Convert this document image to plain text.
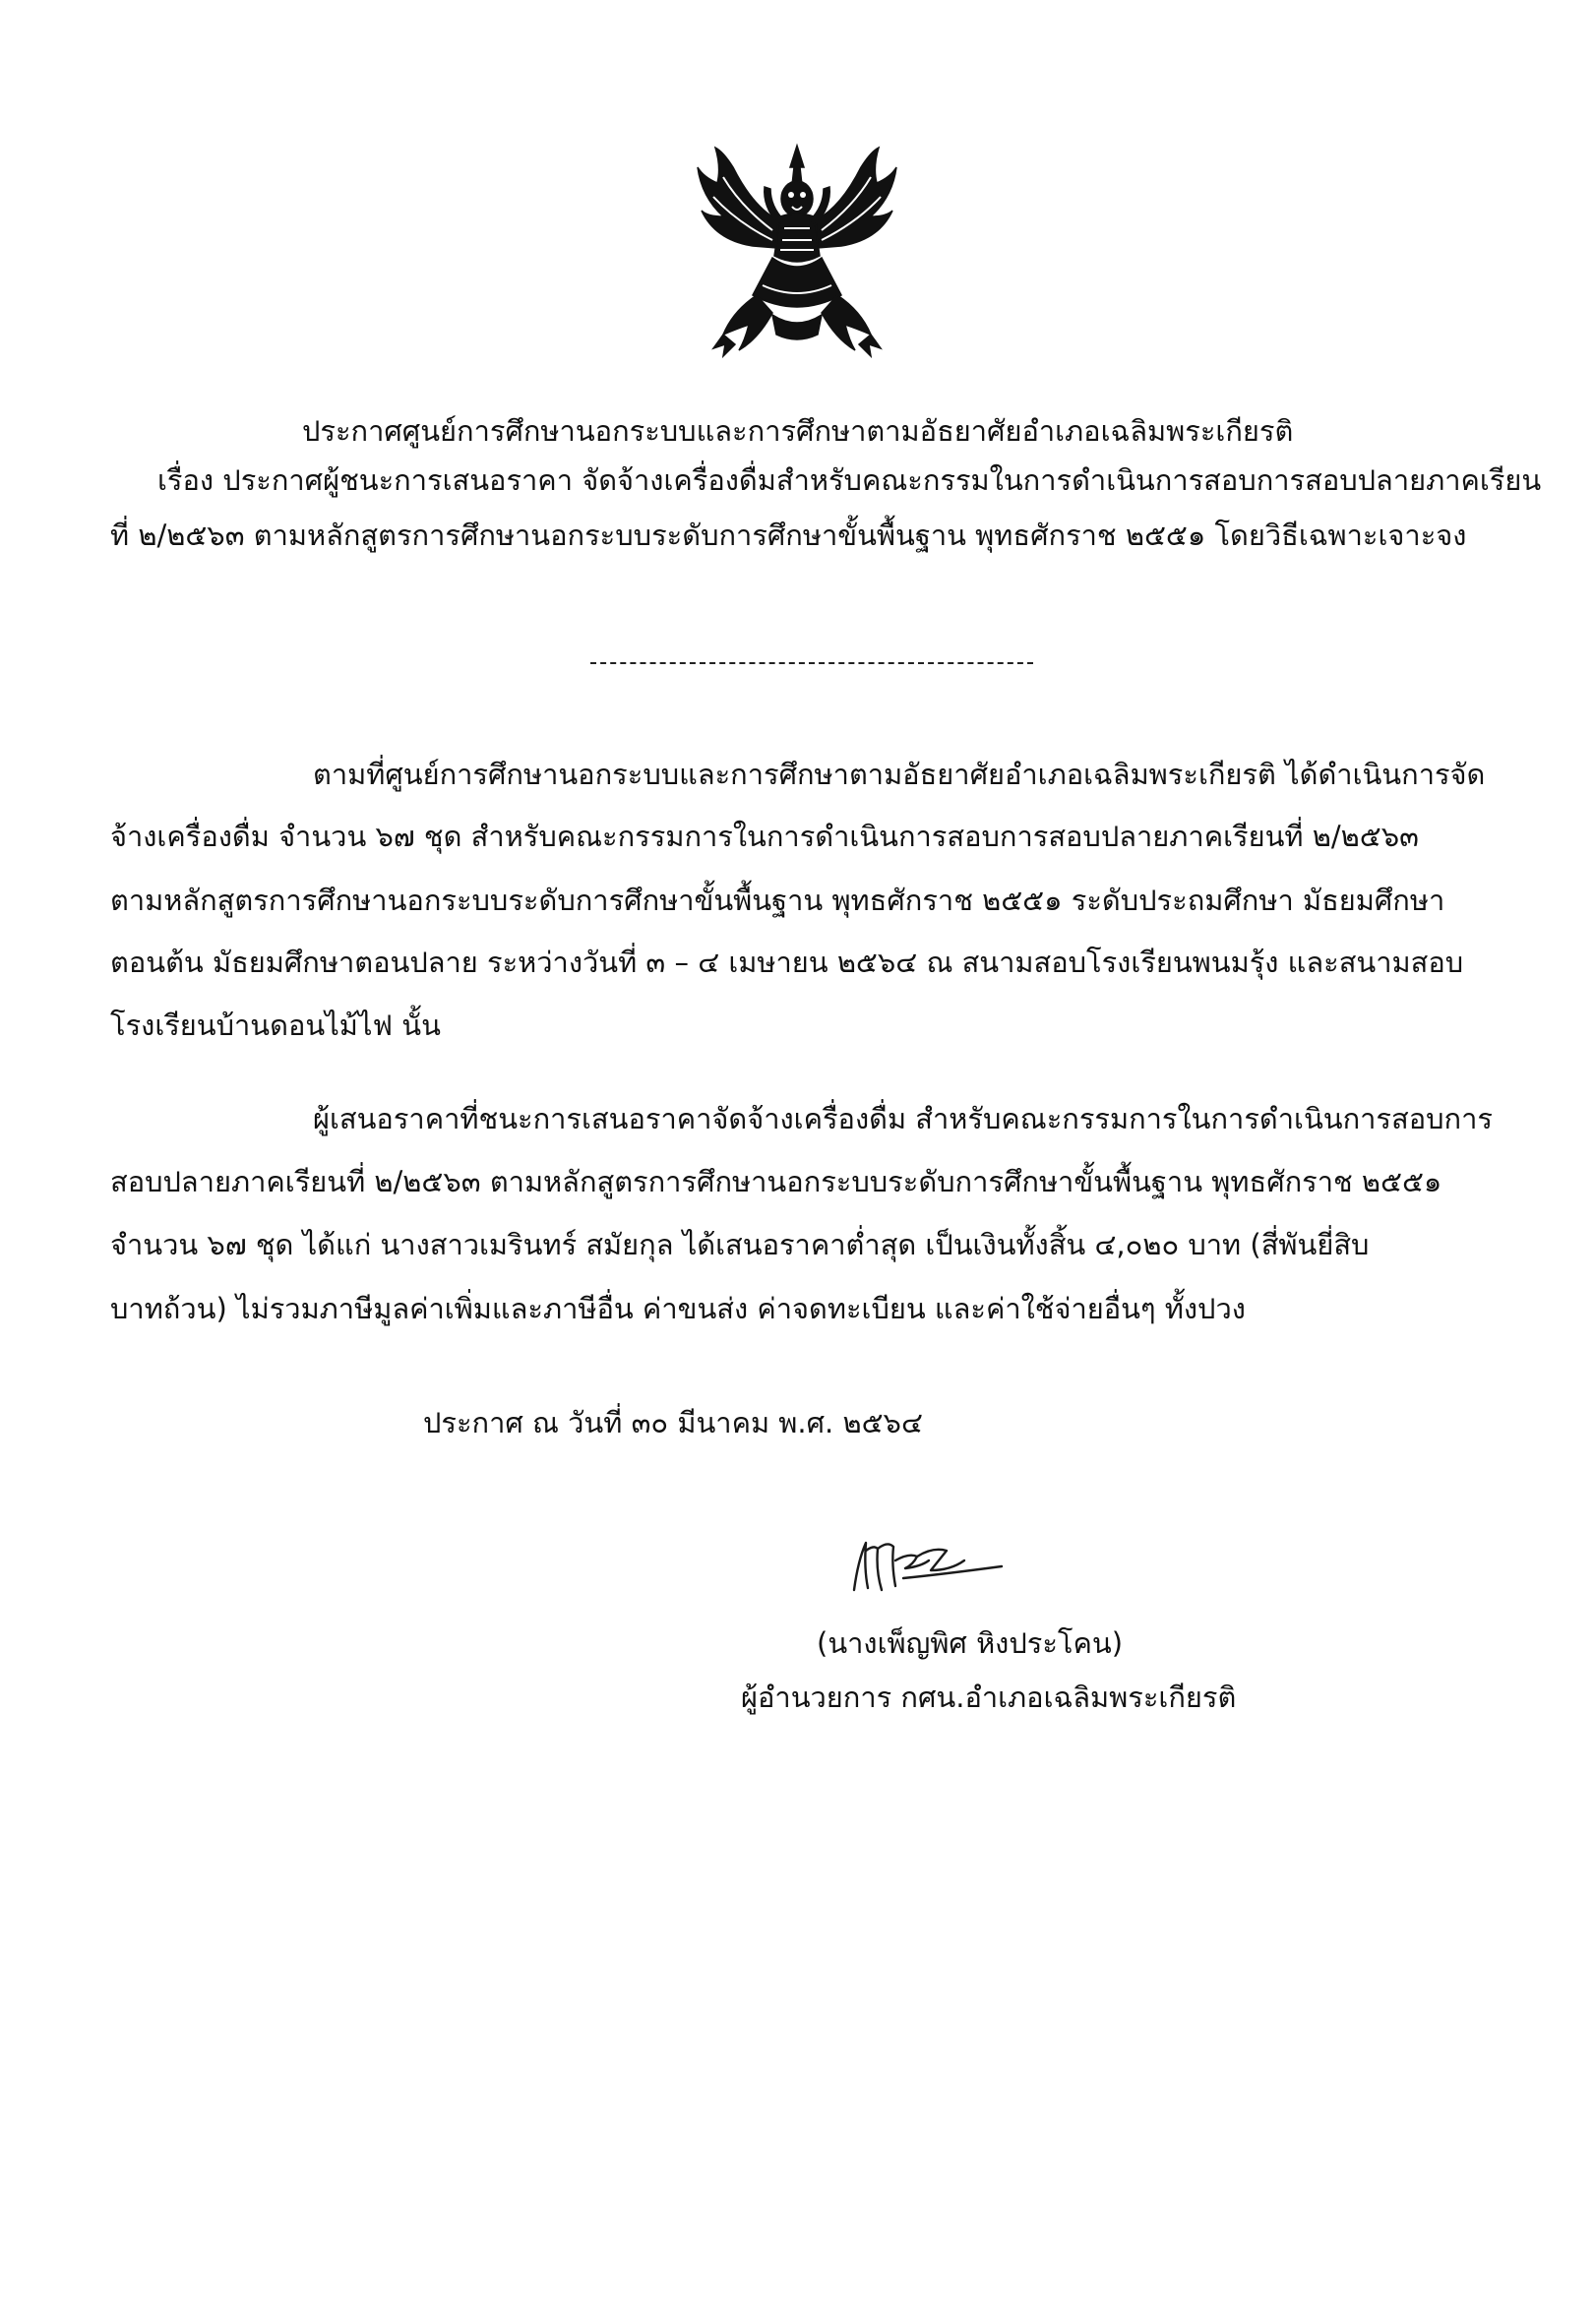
ประกาศศูนย์การศึกษานอกระบบและการศึกษาตามอัธยาศัยอำเภอเฉลิมพระเกียรติ
เรื่อง ประกาศผู้ชนะการเสนอราคา จัดจ้างเครื่องดื่มสำหรับคณะกรรมในการดำเนินการสอบการสอบปลายภาคเรียน
ที่ ๒/๒๕๖๓ ตามหลักสูตรการศึกษานอกระบบระดับการศึกษาขั้นพื้นฐาน พุทธศักราช ๒๕๕๑ โดยวิธีเฉพาะเจาะจง
ตามที่ศูนย์การศึกษานอกระบบและการศึกษาตามอัธยาศัยอำเภอเฉลิมพระเกียรติ ได้ดำเนินการจัด
จ้างเครื่องดื่ม จำนวน ๖๗ ชุด สำหรับคณะกรรมการในการดำเนินการสอบการสอบปลายภาคเรียนที่ ๒/๒๕๖๓
ตามหลักสูตรการศึกษานอกระบบระดับการศึกษาขั้นพื้นฐาน พุทธศักราช ๒๕๕๑ ระดับประถมศึกษา มัธยมศึกษา
ตอนต้น มัธยมศึกษาตอนปลาย ระหว่างวันที่ ๓ – ๔ เมษายน ๒๕๖๔ ณ สนามสอบโรงเรียนพนมรุ้ง และสนามสอบ
โรงเรียนบ้านดอนไม้ไฟ นั้น
ผู้เสนอราคาที่ชนะการเสนอราคาจัดจ้างเครื่องดื่ม สำหรับคณะกรรมการในการดำเนินการสอบการ
สอบปลายภาคเรียนที่ ๒/๒๕๖๓ ตามหลักสูตรการศึกษานอกระบบระดับการศึกษาขั้นพื้นฐาน พุทธศักราช ๒๕๕๑
จำนวน ๖๗ ชุด ได้แก่ นางสาวเมรินทร์ สมัยกุล ได้เสนอราคาต่ำสุด เป็นเงินทั้งสิ้น ๔,๐๒๐ บาท (สี่พันยี่สิบ
บาทถ้วน) ไม่รวมภาษีมูลค่าเพิ่มและภาษีอื่น ค่าขนส่ง ค่าจดทะเบียน และค่าใช้จ่ายอื่นๆ ทั้งปวง
ประกาศ ณ วันที่ ๓๐ มีนาคม พ.ศ. ๒๕๖๔
(นางเพ็ญพิศ หิงประโคน)
ผู้อำนวยการ กศน.อำเภอเฉลิมพระเกียรติ
